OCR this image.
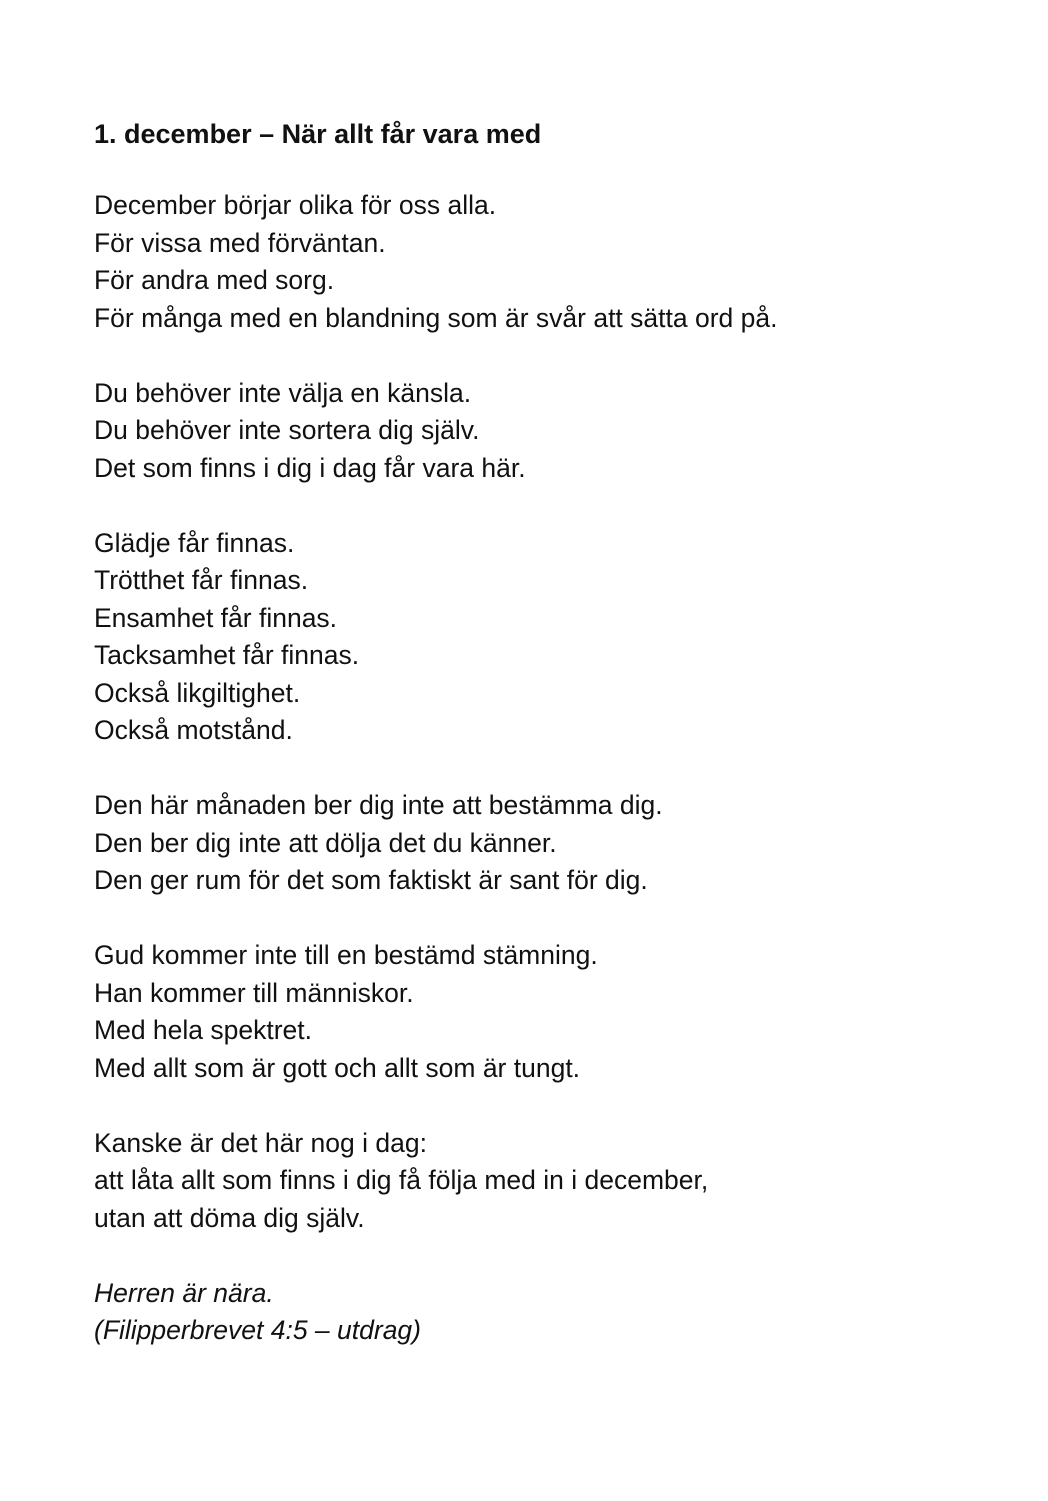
1. december – När allt får vara med
December börjar olika för oss alla.
För vissa med förväntan.
För andra med sorg.
För många med en blandning som är svår att sätta ord på.
Du behöver inte välja en känsla.
Du behöver inte sortera dig själv.
Det som finns i dig i dag får vara här.
Glädje får finnas.
Trötthet får finnas.
Ensamhet får finnas.
Tacksamhet får finnas.
Också likgiltighet.
Också motstånd.
Den här månaden ber dig inte att bestämma dig.
Den ber dig inte att dölja det du känner.
Den ger rum för det som faktiskt är sant för dig.
Gud kommer inte till en bestämd stämning.
Han kommer till människor.
Med hela spektret.
Med allt som är gott och allt som är tungt.
Kanske är det här nog i dag:
att låta allt som finns i dig få följa med in i december,
utan att döma dig själv.
Herren är nära.
(Filipperbrevet 4:5 – utdrag)
